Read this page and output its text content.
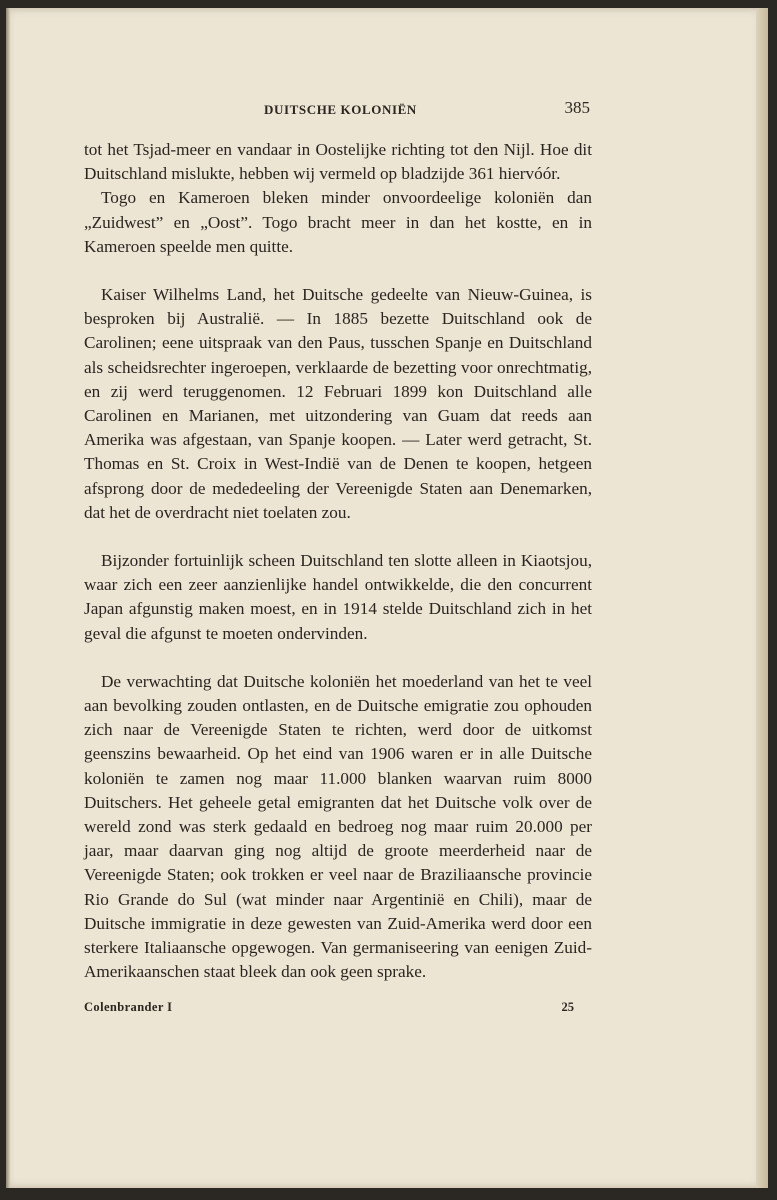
DUITSCHE KOLONIËN	385

tot het Tsjad-meer en vandaar in Oostelijke richting tot den Nijl. Hoe dit Duitschland mislukte, hebben wij vermeld op bladzijde 361 hiervóór.

Togo en Kameroen bleken minder onvoordeelige koloniën dan „Zuidwest” en „Oost”. Togo bracht meer in dan het kostte, en in Kameroen speelde men quitte.

Kaiser Wilhelms Land, het Duitsche gedeelte van Nieuw-Guinea, is besproken bij Australië. — In 1885 bezette Duitschland ook de Carolinen; eene uitspraak van den Paus, tusschen Spanje en Duitschland als scheidsrechter ingeroepen, verklaarde de bezetting voor onrechtmatig, en zij werd teruggenomen. 12 Februari 1899 kon Duitschland alle Carolinen en Marianen, met uitzondering van Guam dat reeds aan Amerika was afgestaan, van Spanje koopen. — Later werd getracht, St. Thomas en St. Croix in West-Indië van de Denen te koopen, hetgeen afsprong door de mededeeling der Vereenigde Staten aan Denemarken, dat het de overdracht niet toelaten zou.

Bijzonder fortuinlijk scheen Duitschland ten slotte alleen in Kiaotsjou, waar zich een zeer aanzienlijke handel ontwikkelde, die den concurrent Japan afgunstig maken moest, en in 1914 stelde Duitschland zich in het geval die afgunst te moeten ondervinden.

De verwachting dat Duitsche koloniën het moederland van het te veel aan bevolking zouden ontlasten, en de Duitsche emigratie zou ophouden zich naar de Vereenigde Staten te richten, werd door de uitkomst geenszins bewaarheid. Op het eind van 1906 waren er in alle Duitsche koloniën te zamen nog maar 11.000 blanken waarvan ruim 8000 Duitschers. Het geheele getal emigranten dat het Duitsche volk over de wereld zond was sterk gedaald en bedroeg nog maar ruim 20.000 per jaar, maar daarvan ging nog altijd de groote meerderheid naar de Vereenigde Staten; ook trokken er veel naar de Braziliaansche provincie Rio Grande do Sul (wat minder naar Argentinië en Chili), maar de Duitsche immigratie in deze gewesten van Zuid-Amerika werd door een sterkere Italiaansche opgewogen. Van germaniseering van eenigen Zuid-Amerikaanschen staat bleek dan ook geen sprake.

Colenbrander I	25
